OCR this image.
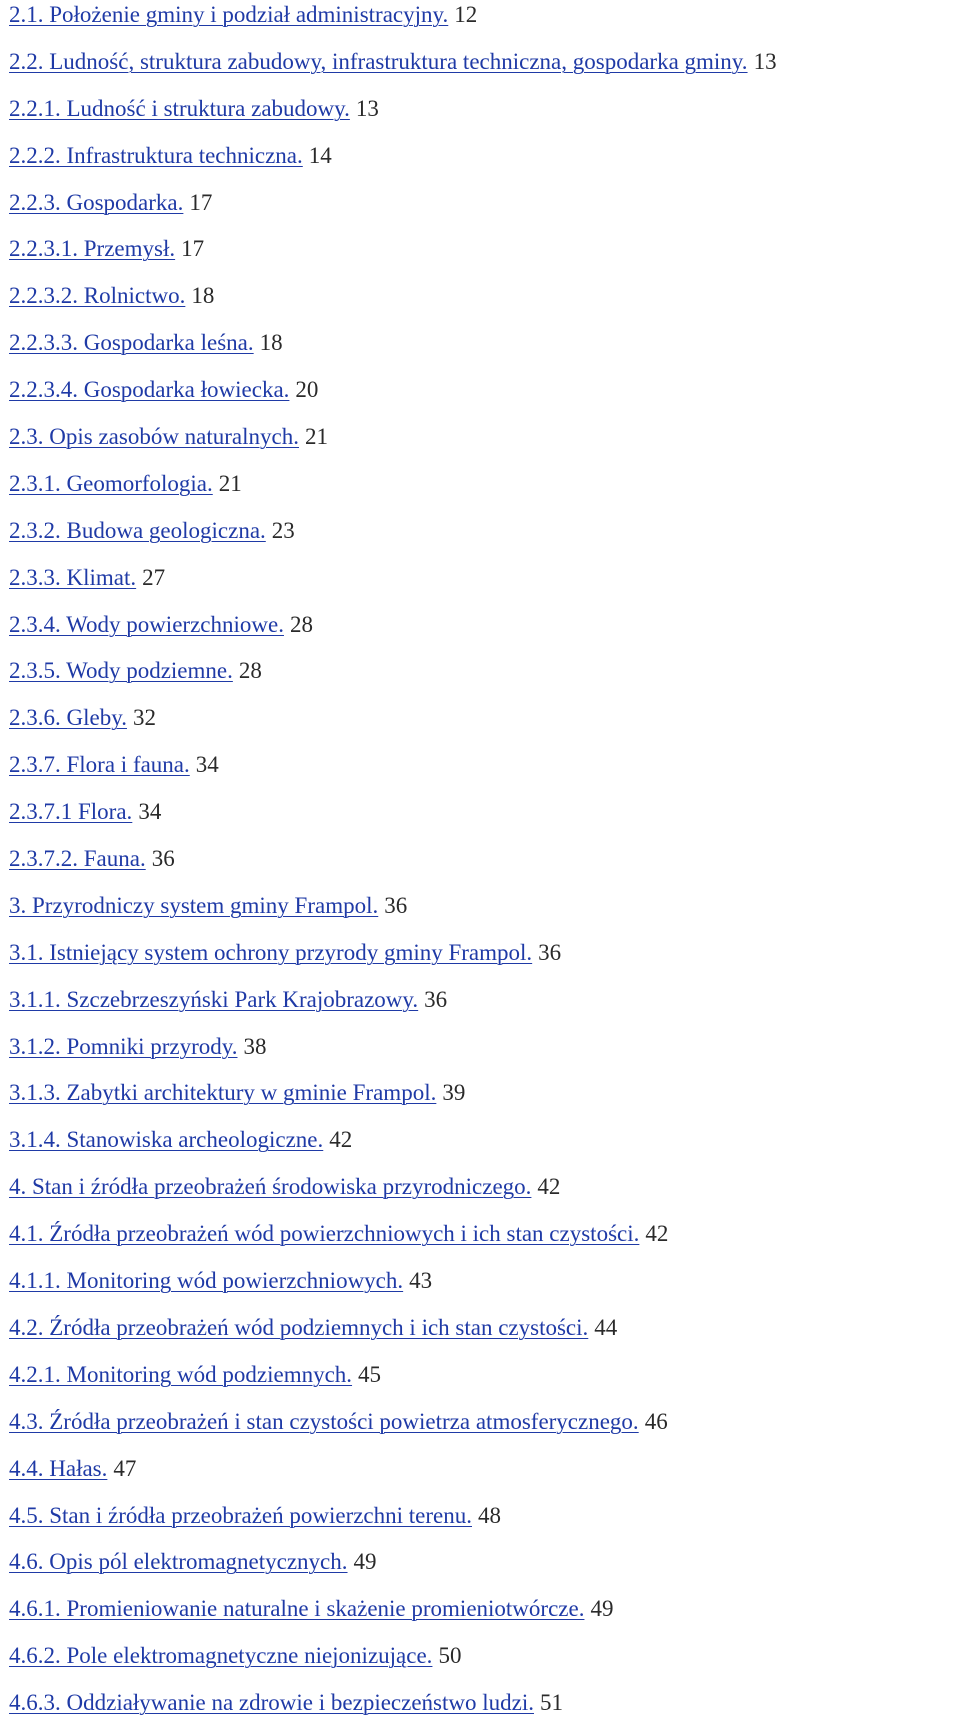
2.1. Położenie gminy i podział administracyjny. 12
2.2. Ludność, struktura zabudowy, infrastruktura techniczna, gospodarka gminy. 13
2.2.1. Ludność i struktura zabudowy. 13
2.2.2. Infrastruktura techniczna. 14
2.2.3. Gospodarka. 17
2.2.3.1. Przemysł. 17
2.2.3.2. Rolnictwo. 18
2.2.3.3. Gospodarka leśna. 18
2.2.3.4. Gospodarka łowiecka. 20
2.3. Opis zasobów naturalnych. 21
2.3.1. Geomorfologia. 21
2.3.2. Budowa geologiczna. 23
2.3.3. Klimat. 27
2.3.4. Wody powierzchniowe. 28
2.3.5. Wody podziemne. 28
2.3.6. Gleby. 32
2.3.7. Flora i fauna. 34
2.3.7.1 Flora. 34
2.3.7.2. Fauna. 36
3. Przyrodniczy system gminy Frampol. 36
3.1. Istniejący system ochrony przyrody gminy Frampol. 36
3.1.1. Szczebrzeszyński Park Krajobrazowy. 36
3.1.2. Pomniki przyrody. 38
3.1.3. Zabytki architektury w gminie Frampol. 39
3.1.4. Stanowiska archeologiczne. 42
4. Stan i źródła przeobrażeń środowiska przyrodniczego. 42
4.1. Źródła przeobrażeń wód powierzchniowych i ich stan czystości. 42
4.1.1. Monitoring wód powierzchniowych. 43
4.2. Źródła przeobrażeń wód podziemnych i ich stan czystości. 44
4.2.1. Monitoring wód podziemnych. 45
4.3. Źródła przeobrażeń i stan czystości powietrza atmosferycznego. 46
4.4. Hałas. 47
4.5. Stan i źródła przeobrażeń powierzchni terenu. 48
4.6. Opis pól elektromagnetycznych. 49
4.6.1. Promieniowanie naturalne i skażenie promieniotwórcze. 49
4.6.2. Pole elektromagnetyczne niejonizujące. 50
4.6.3. Oddziaływanie na zdrowie i bezpieczeństwo ludzi. 51
